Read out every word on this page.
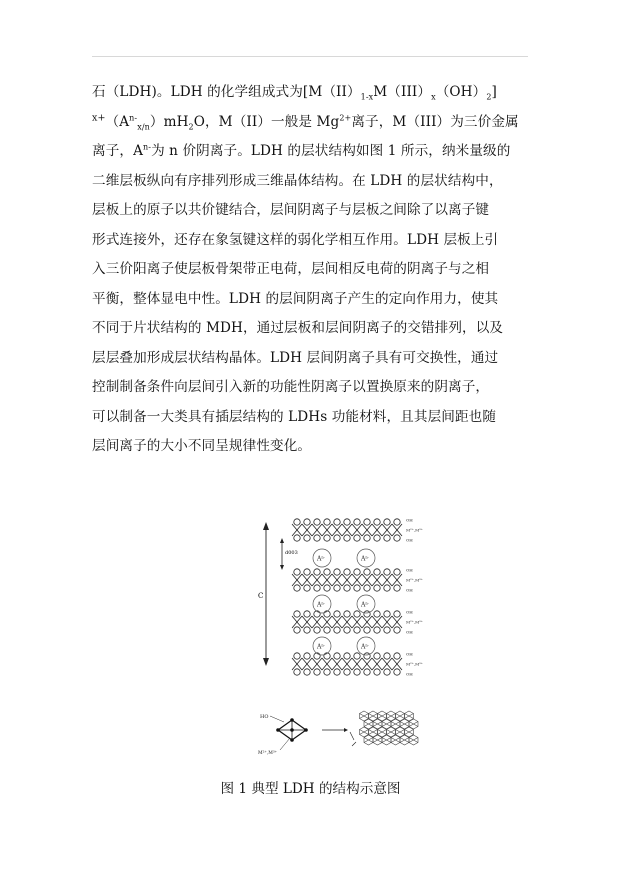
石（LDH)。LDH 的化学组成式为$[M(II)_{1-x}M(III)_x(OH)_2]$
$^{x+}(A^{n-}_{x/n})mH_2O$，M（II）一般是 $Mg^{2+}$离子，M（III）为三价金属
离子，$A^{n-}$为 n 价阴离子。LDH 的层状结构如图 1 所示，纳米量级的
二维层板纵向有序排列形成三维晶体结构。在 LDH 的层状结构中，
层板上的原子以共价键结合，层间阴离子与层板之间除了以离子键
形式连接外，还存在象氢键这样的弱化学相互作用。LDH 层板上引
入三价阳离子使层板骨架带正电荷，层间相反电荷的阴离子与之相
平衡，整体显电中性。LDH 的层间阴离子产生的定向作用力，使其
不同于片状结构的 MDH，通过层板和层间阴离子的交错排列，以及
层层叠加形成层状结构晶体。LDH 层间阴离子具有可交换性，通过
控制制备条件向层间引入新的功能性阴离子以置换原来的阴离子，
可以制备一大类具有插层结构的 LDHs 功能材料，且其层间距也随
层间离子的大小不同呈规律性变化。
$A^{n-}$	$A^{n-}$
$A^{n-}$	$A^{n-}$
$A^{n-}$	$A^{n-}$
C
d003
OH
M²⁺,M³⁺
OH
OH
M²⁺,M³⁺
OH
OH
M²⁺,M³⁺
OH
OH
M²⁺,M³⁺
OH
HO
M²⁺,M³⁺
图 1 典型 LDH 的结构示意图
